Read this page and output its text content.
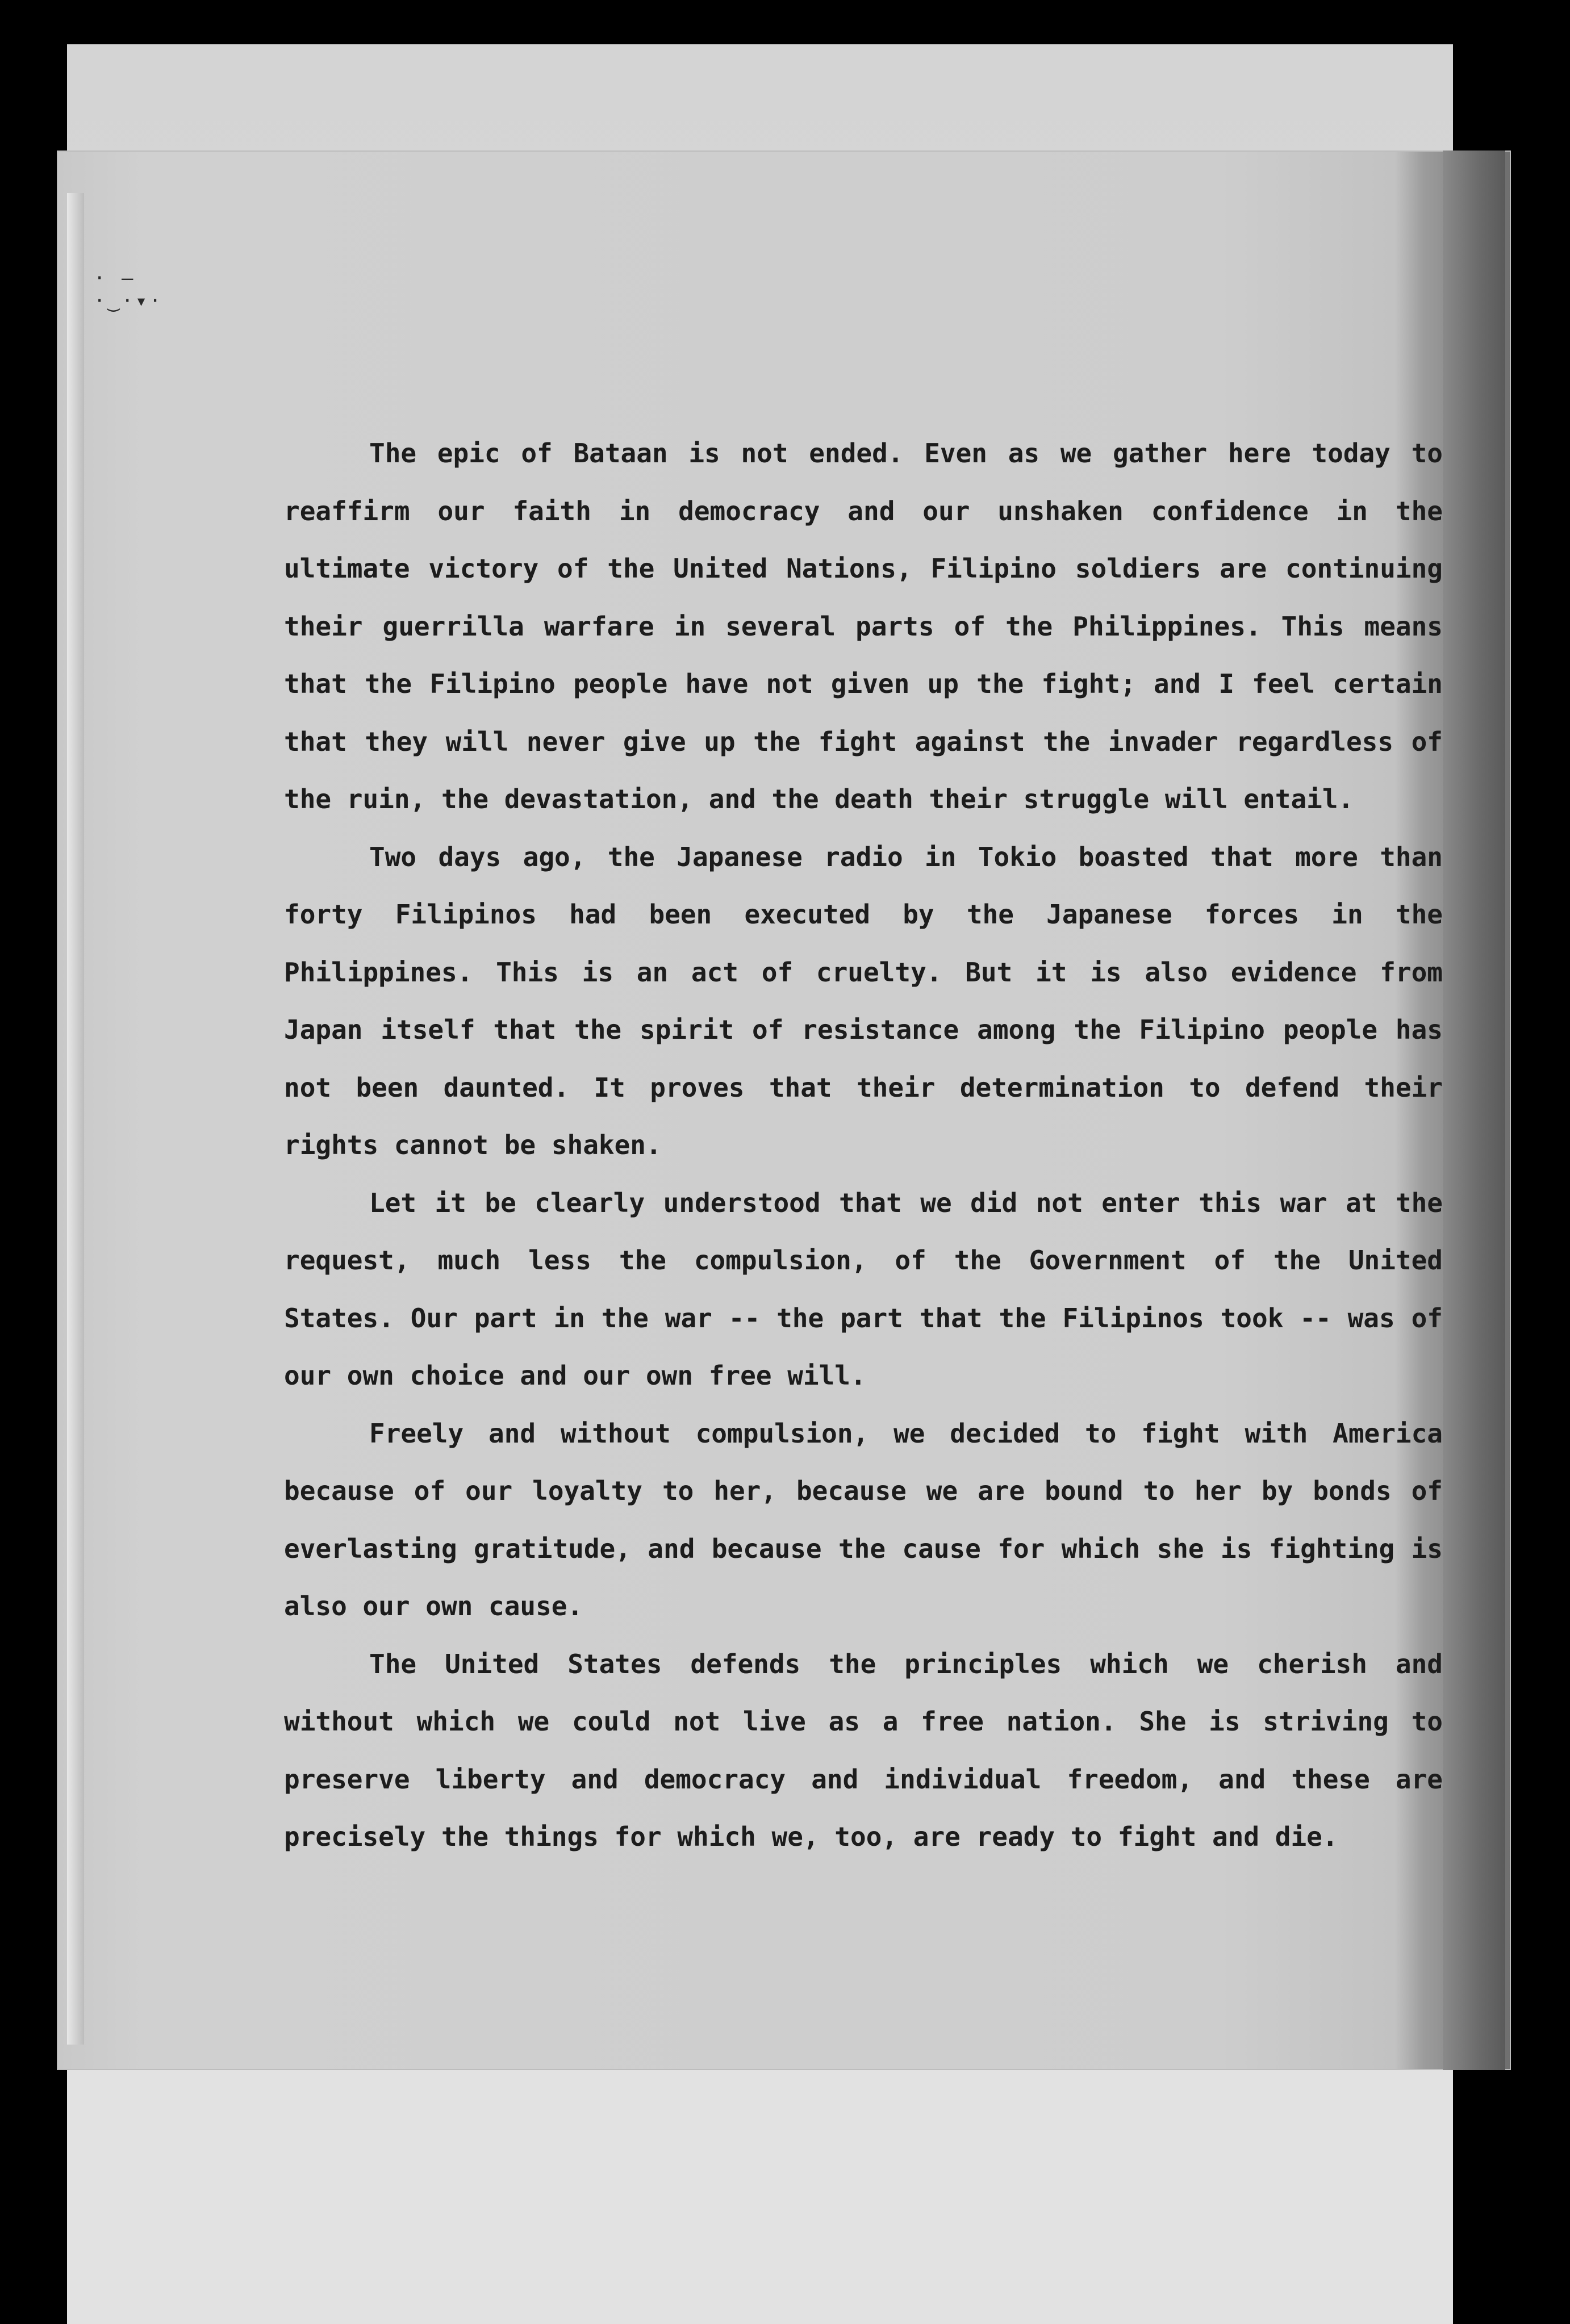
· —
·‿·▾·

The epic of Bataan is not ended. Even as we gather here today to reaffirm our faith in democracy and our unshaken confidence in the ultimate victory of the United Nations, Filipino soldiers are continuing their guerrilla warfare in several parts of the Philippines. This means that the Filipino people have not given up the fight; and I feel certain that they will never give up the fight against the invader regardless of the ruin, the devastation, and the death their struggle will entail.

Two days ago, the Japanese radio in Tokio boasted that more than forty Filipinos had been executed by the Japanese forces in the Philippines. This is an act of cruelty. But it is also evidence from Japan itself that the spirit of resistance among the Filipino people has not been daunted. It proves that their determination to defend their rights cannot be shaken.

Let it be clearly understood that we did not enter this war at the request, much less the compulsion, of the Government of the United States. Our part in the war -- the part that the Filipinos took -- was of our own choice and our own free will.

Freely and without compulsion, we decided to fight with America because of our loyalty to her, because we are bound to her by bonds of everlasting gratitude, and because the cause for which she is fighting is also our own cause.

The United States defends the principles which we cherish and without which we could not live as a free nation. She is striving to preserve liberty and democracy and individual freedom, and these are precisely the things for which we, too, are ready to fight and die.
